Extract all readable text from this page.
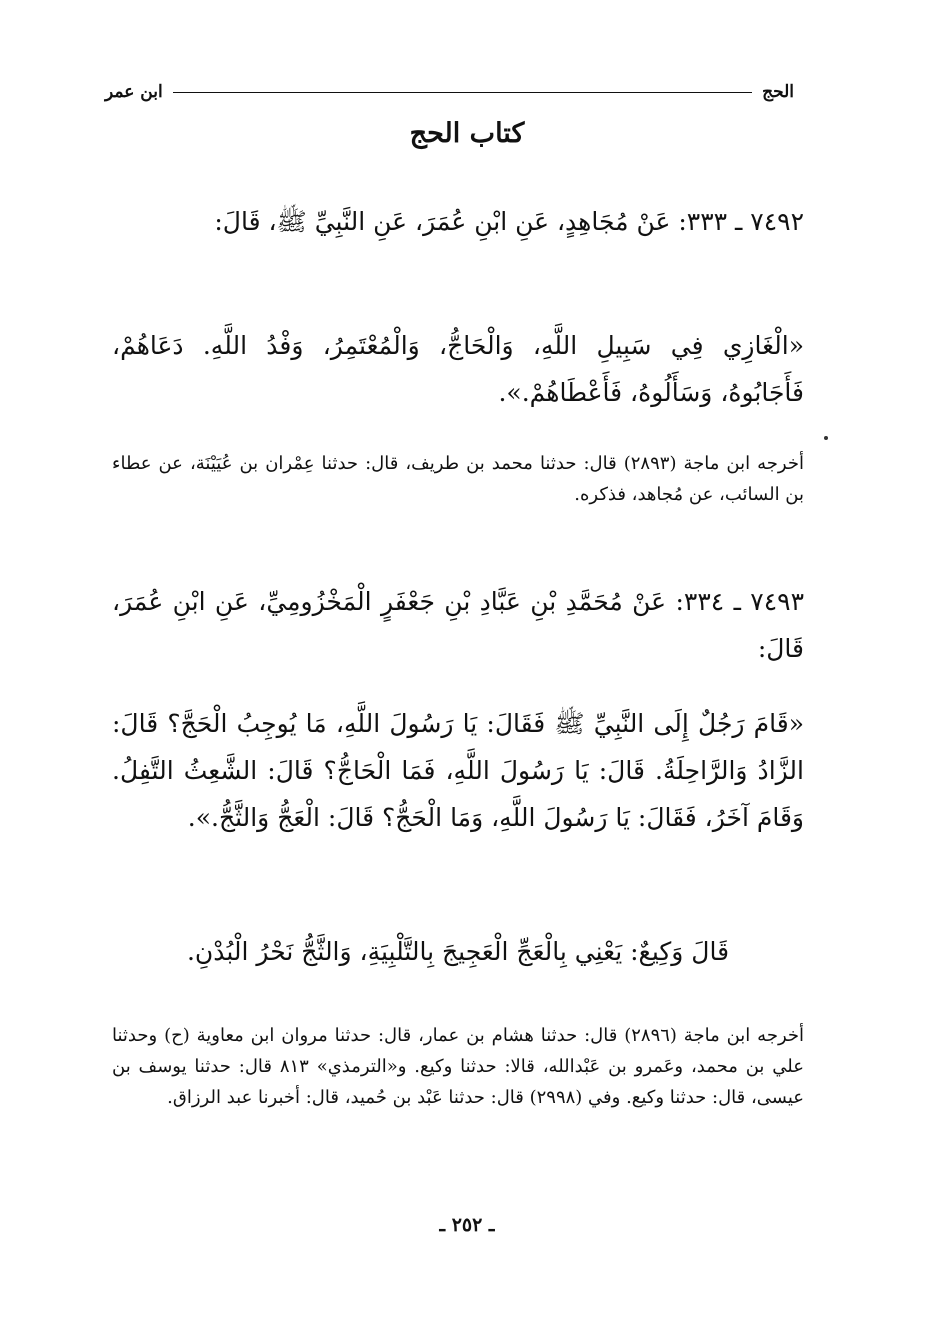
الحج
ابن عمر
كتاب الحج
٧٤٩٢ ـ ٣٣٣: عَنْ مُجَاهِدٍ، عَنِ ابْنِ عُمَرَ، عَنِ النَّبِيِّ ﷺ، قَالَ:
«الْغَازِي فِي سَبِيلِ اللَّهِ، وَالْحَاجُّ، وَالْمُعْتَمِرُ، وَفْدُ اللَّهِ. دَعَاهُمْ، فَأَجَابُوهُ، وَسَأَلُوهُ، فَأَعْطَاهُمْ.».
أخرجه ابن ماجة (٢٨٩٣) قال: حدثنا محمد بن طريف، قال: حدثنا عِمْران بن عُيَيْنَة، عن عطاء بن السائب، عن مُجاهد، فذكره.
٧٤٩٣ ـ ٣٣٤: عَنْ مُحَمَّدِ بْنِ عَبَّادِ بْنِ جَعْفَرٍ الْمَخْزُومِيِّ، عَنِ ابْنِ عُمَرَ، قَالَ:
«قَامَ رَجُلٌ إِلَى النَّبِيِّ ﷺ فَقَالَ: يَا رَسُولَ اللَّهِ، مَا يُوجِبُ الْحَجَّ؟ قَالَ: الزَّادُ وَالرَّاحِلَةُ. قَالَ: يَا رَسُولَ اللَّهِ، فَمَا الْحَاجُّ؟ قَالَ: الشَّعِثُ التَّفِلُ. وَقَامَ آخَرُ، فَقَالَ: يَا رَسُولَ اللَّهِ، وَمَا الْحَجُّ؟ قَالَ: الْعَجُّ وَالثَّجُّ.».
قَالَ وَكِيعٌ: يَعْنِي بِالْعَجِّ الْعَجِيجَ بِالتَّلْبِيَةِ، وَالثَّجُّ نَحْرُ الْبُدْنِ.
أخرجه ابن ماجة (٢٨٩٦) قال: حدثنا هشام بن عمار، قال: حدثنا مروان ابن معاوية (ح) وحدثنا علي بن محمد، وعَمرو بن عَبْدالله، قالا: حدثنا وكيع. و«الترمذي» ٨١٣ قال: حدثنا يوسف بن عيسى، قال: حدثنا وكيع. وفي (٢٩٩٨) قال: حدثنا عَبْد بن حُميد، قال: أخبرنا عبد الرزاق.
ـ ٢٥٢ ـ
